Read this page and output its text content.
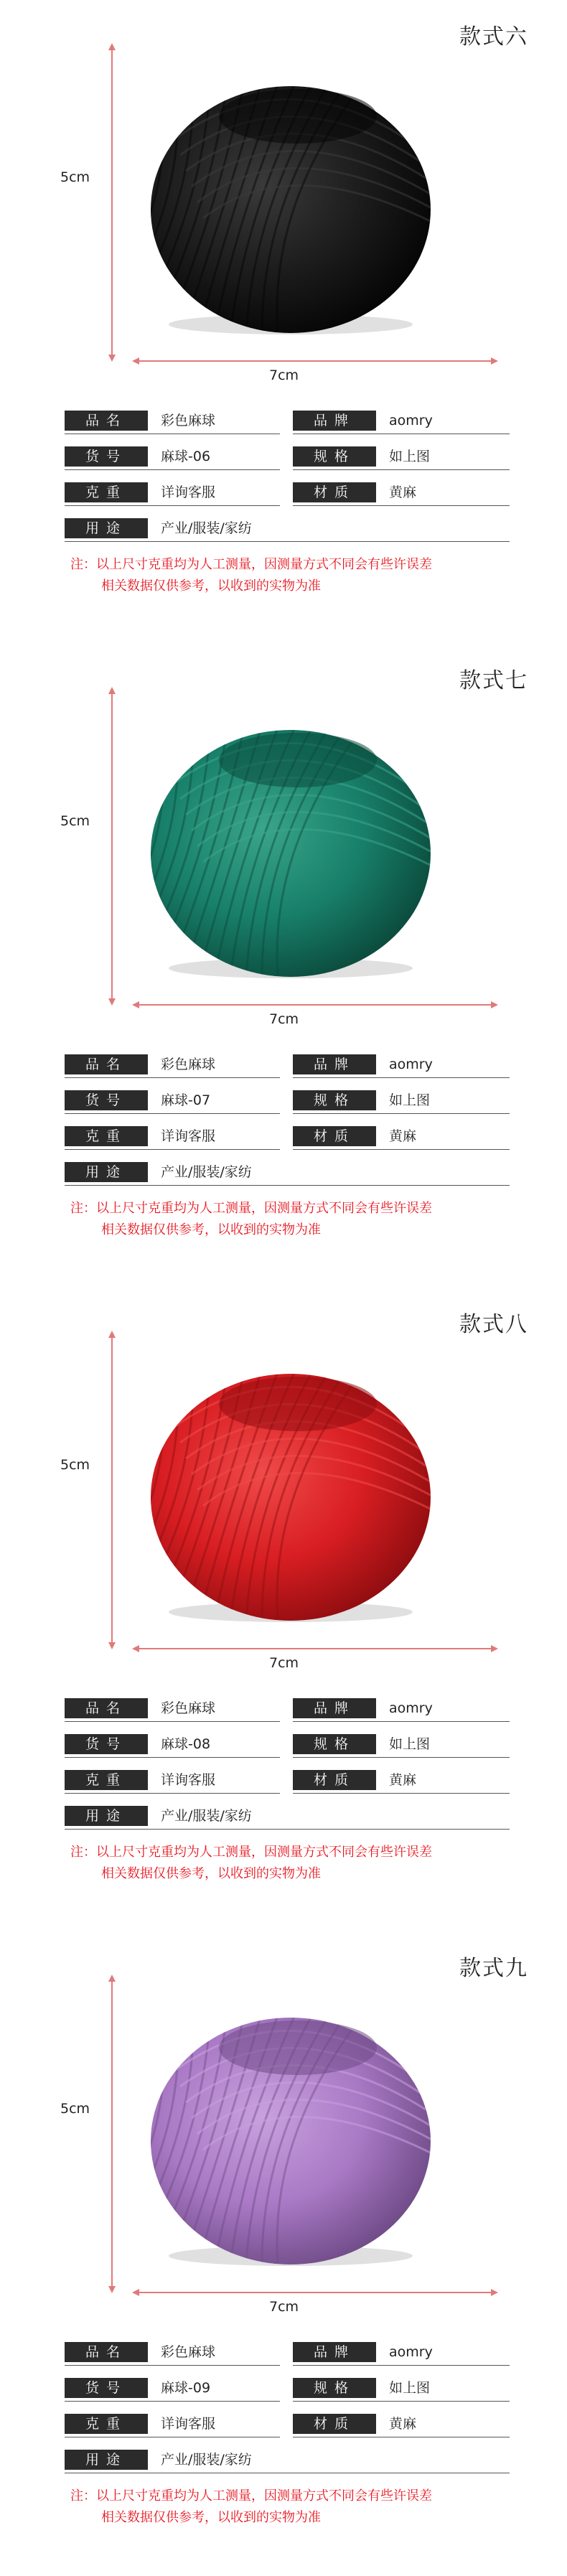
款式六
5cm
7cm
品名	彩色麻球	品牌	aomry
货号	麻球-06	规格	如上图
克重	详询客服	材质	黄麻
用途	产业/服装/家纺
注：以上尺寸克重均为人工测量，因测量方式不同会有些许误差
相关数据仅供参考，以收到的实物为准
款式七
5cm
7cm
品名	彩色麻球	品牌	aomry
货号	麻球-07	规格	如上图
克重	详询客服	材质	黄麻
用途	产业/服装/家纺
注：以上尺寸克重均为人工测量，因测量方式不同会有些许误差
相关数据仅供参考，以收到的实物为准
款式八
5cm
7cm
品名	彩色麻球	品牌	aomry
货号	麻球-08	规格	如上图
克重	详询客服	材质	黄麻
用途	产业/服装/家纺
注：以上尺寸克重均为人工测量，因测量方式不同会有些许误差
相关数据仅供参考，以收到的实物为准
款式九
5cm
7cm
品名	彩色麻球	品牌	aomry
货号	麻球-09	规格	如上图
克重	详询客服	材质	黄麻
用途	产业/服装/家纺
注：以上尺寸克重均为人工测量，因测量方式不同会有些许误差
相关数据仅供参考，以收到的实物为准
